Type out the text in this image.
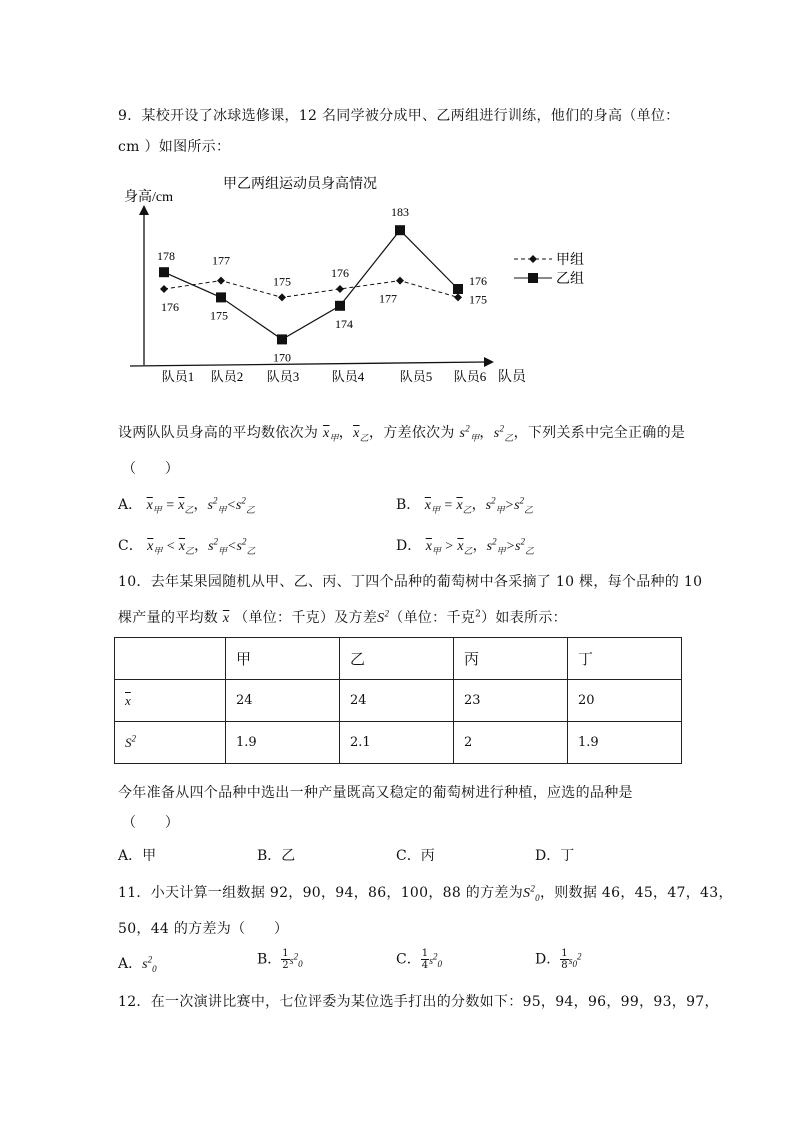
9．某校开设了冰球选修课，12 名同学被分成甲、乙两组进行训练，他们的身高（单位：
cm ）如图所示：
甲乙两组运动员身高情况
身高/cm
队员1 队员2 队员3 队员4	队员5 队员6
176
177
175
176
177	175
178
175
170
174
183
176
甲组
乙组
队员
设两队队员身高的平均数依次为 $\overline{x}_甲$，$\overline{x}_乙$，方差依次为 $s^2_甲$，$s^2_乙$，下列关系中完全正确的是
（　　）
A． $\overline{x}_甲 = \overline{x}_乙$，$s^2_甲<s^2_乙$	B． $\overline{x}_甲 = \overline{x}_乙$，$s^2_甲>s^2_乙$
C． $\overline{x}_甲 < \overline{x}_乙$，$s^2_甲<s^2_乙$	D． $\overline{x}_甲 > \overline{x}_乙$，$s^2_甲>s^2_乙$
10．去年某果园随机从甲、乙、丙、丁四个品种的葡萄树中各采摘了 10 棵，每个品种的 10
棵产量的平均数 $\overline{x}$ （单位：千克）及方差$S^2$（单位：千克$^2$）如表所示：
	甲	乙	丙	丁
$\overline{x}$	24	24	23	20
$S^2$	1.9	2.1	2	1.9
今年准备从四个品种中选出一种产量既高又稳定的葡萄树进行种植，应选的品种是
（　　）
A．甲	B．乙	C．丙	D．丁
11．小天计算一组数据 92，90，94，86，100，88 的方差为$S^2_0$，则数据 46，45，47，43，
50，44 的方差为（　　）
A．$s^2_0$
B． $\frac{1}{2} s^2_0$	C． $\frac{1}{4} s^2_0$	D． $\frac{1}{8} s_0^2$
12．在一次演讲比赛中，七位评委为某位选手打出的分数如下：95，94，96，99，93，97，
